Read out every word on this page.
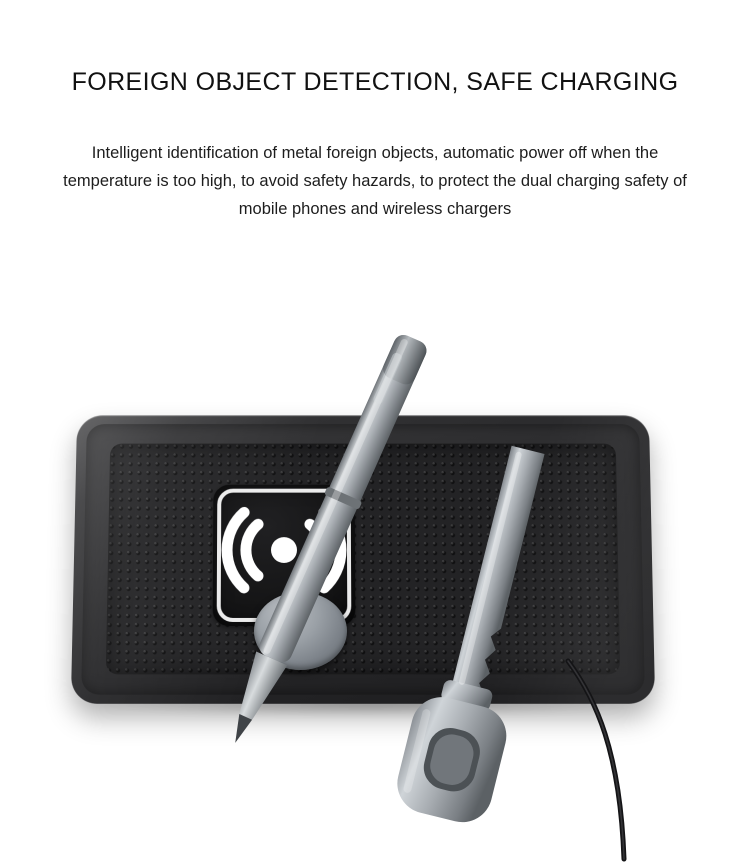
FOREIGN OBJECT DETECTION, SAFE CHARGING

Intelligent identification of metal foreign objects, automatic power off when the temperature is too high, to avoid safety hazards, to protect the dual charging safety of mobile phones and wireless chargers
